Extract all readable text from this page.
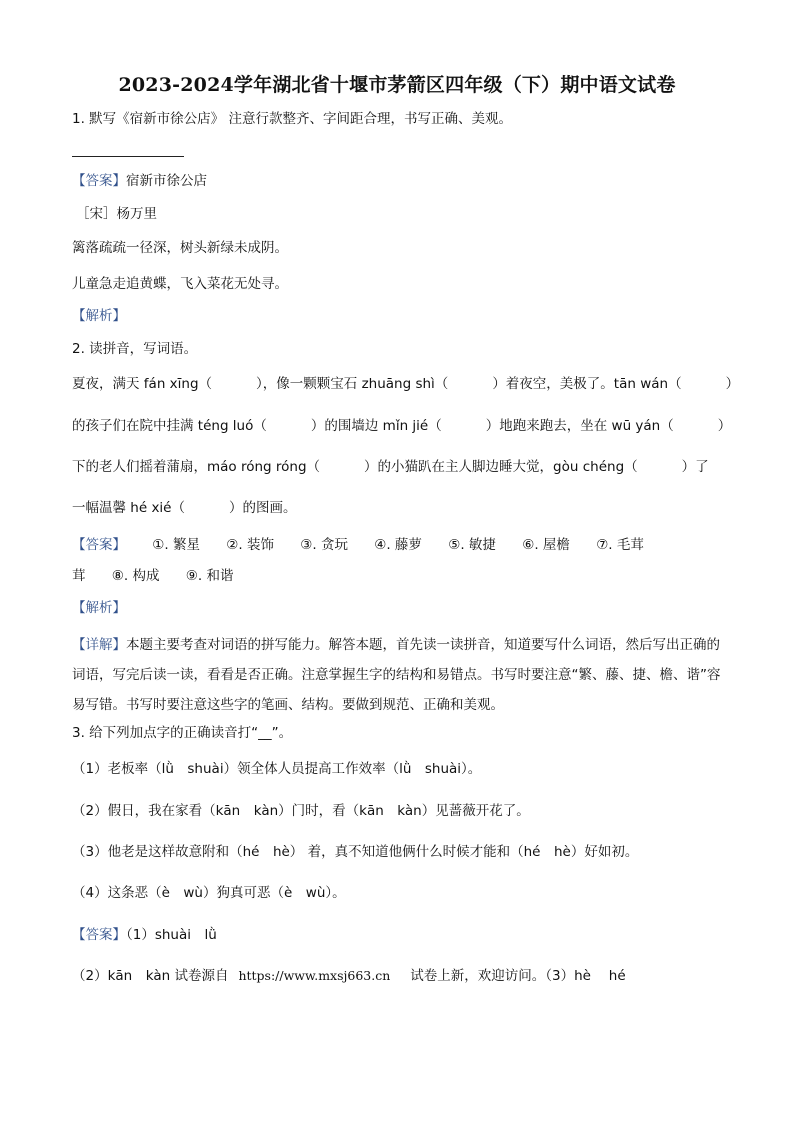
2023-2024学年湖北省十堰市茅箭区四年级（下）期中语文试卷
1. 默写《宿新市徐公店》 注意行款整齐、字间距合理，书写正确、美观。
【答案】宿新市徐公店
［宋］杨万里
篱落疏疏一径深，树头新绿未成阴。
儿童急走追黄蝶，飞入菜花无处寻。
【解析】
2. 读拼音，写词语。
夏夜，满天 fán xīng（	），像一颗颗宝石 zhuāng shì（	）着夜空，美极了。tān wán（	）
的孩子们在院中挂满 téng luó（	）的围墙边 mǐn jié（	）地跑来跑去，坐在 wū yán（	）
下的老人们摇着蒲扇，máo róng róng（	）的小猫趴在主人脚边睡大觉，gòu chéng（	）了
一幅温馨 hé xié（	）的图画。
【答案】 ①. 繁星 ②. 装饰 ③. 贪玩 ④. 藤萝 ⑤. 敏捷 ⑥. 屋檐 ⑦. 毛茸
茸 ⑧. 构成 ⑨. 和谐
【解析】
【详解】本题主要考查对词语的拼写能力。解答本题，首先读一读拼音，知道要写什么词语，然后写出正确的词语，写完后读一读，看看是否正确。注意掌握生字的结构和易错点。书写时要注意“繁、藤、捷、檐、谐”容易写错。书写时要注意这些字的笔画、结构。要做到规范、正确和美观。
3. 给下列加点字的正确读音打“__”。
（1）老板率（lǜ　shuài）领全体人员提高工作效率（lǜ　shuài）。
（2）假日，我在家看（kān　kàn）门时，看（kān　kàn）见蔷薇开花了。
（3）他老是这样故意附和（hé　hè） 着，真不知道他俩什么时候才能和（hé　hè）好如初。
（4）这条恶（è　wù）狗真可恶（è　wù）。
【答案】（1）shuài　lǜ
（2）kān　kàn 试卷源自 https://www.mxsj663.cn 试卷上新，欢迎访问。（3）hè　 hé
